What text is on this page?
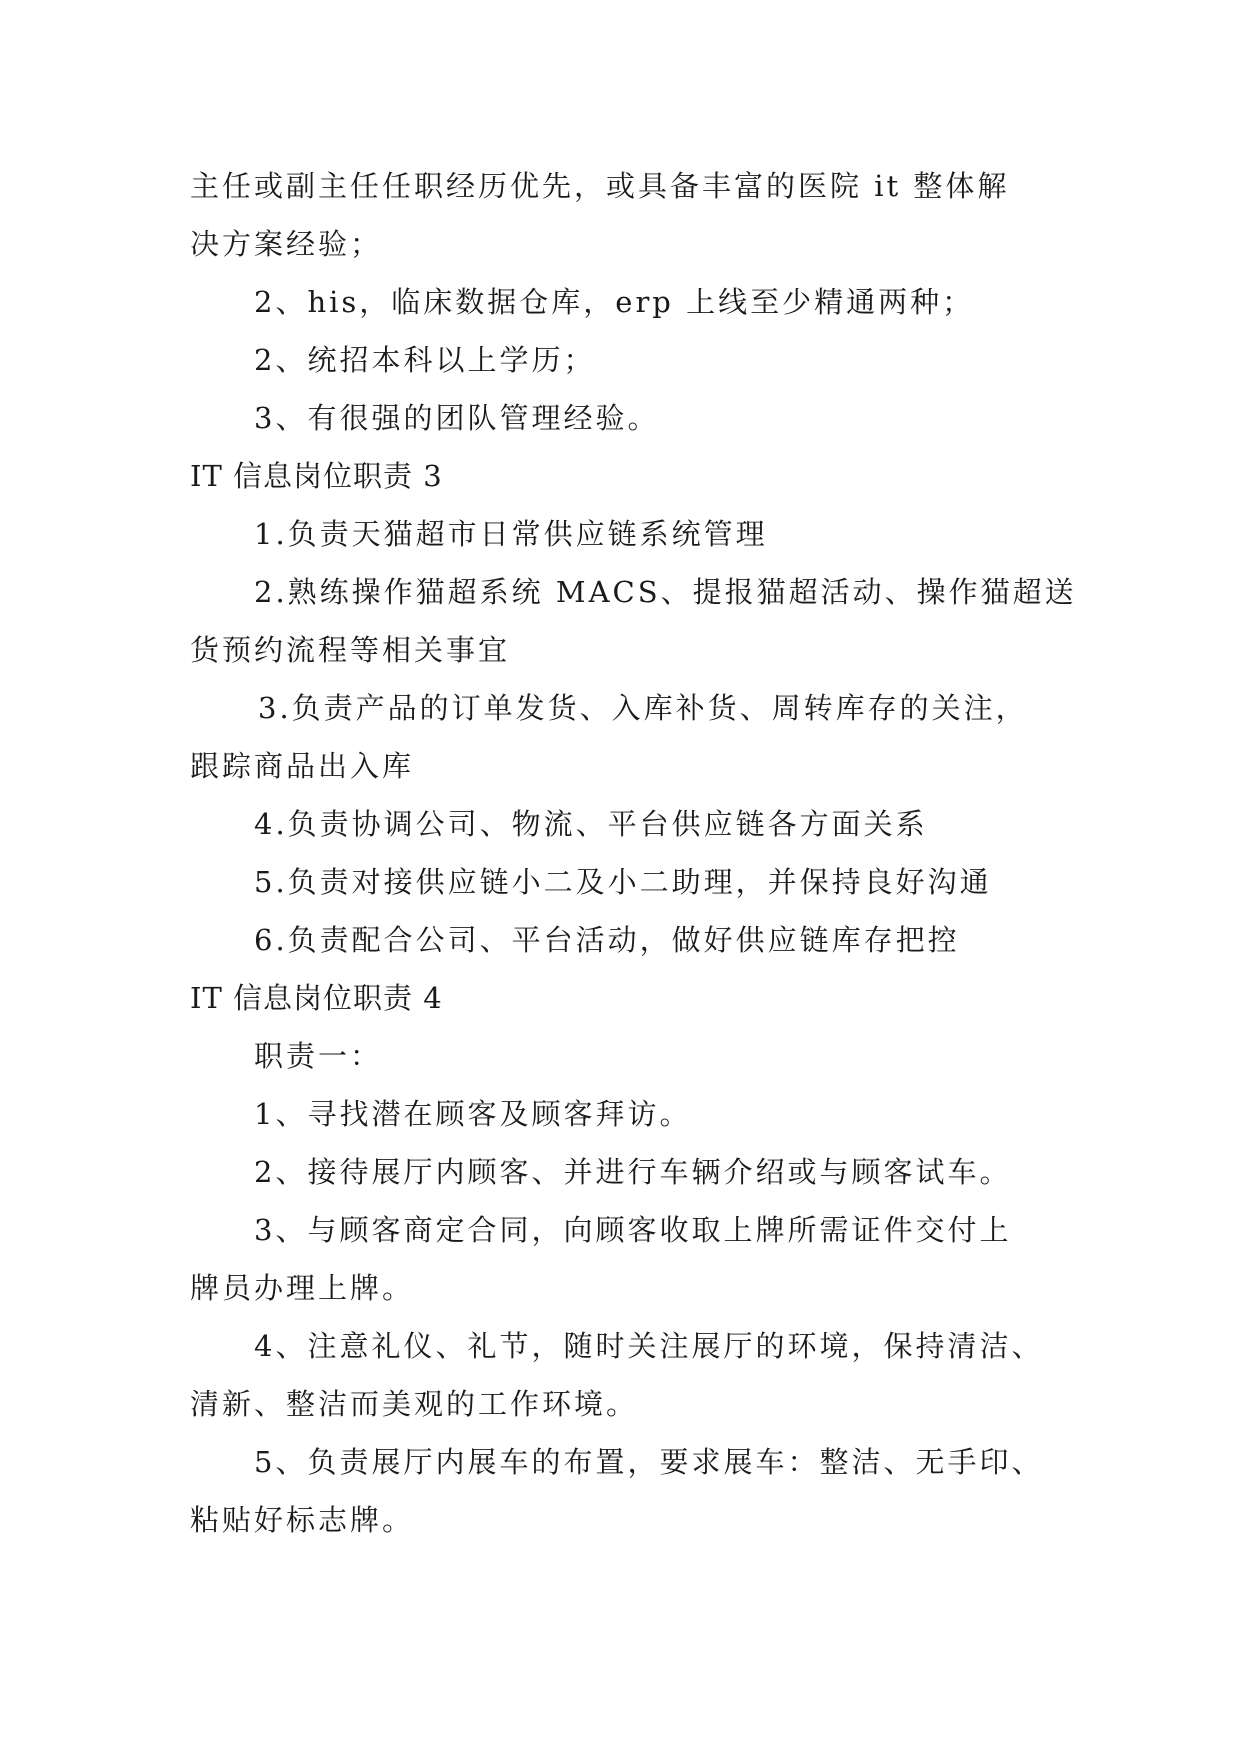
主任或副主任任职经历优先，或具备丰富的医院 it 整体解
决方案经验；
2、his，临床数据仓库，erp 上线至少精通两种；
2、统招本科以上学历；
3、有很强的团队管理经验。
IT 信息岗位职责 3
1.负责天猫超市日常供应链系统管理
2.熟练操作猫超系统 MACS、提报猫超活动、操作猫超送
货预约流程等相关事宜
3.负责产品的订单发货、入库补货、周转库存的关注，
跟踪商品出入库
4.负责协调公司、物流、平台供应链各方面关系
5.负责对接供应链小二及小二助理，并保持良好沟通
6.负责配合公司、平台活动，做好供应链库存把控
IT 信息岗位职责 4
职责一：
1、寻找潜在顾客及顾客拜访。
2、接待展厅内顾客、并进行车辆介绍或与顾客试车。
3、与顾客商定合同，向顾客收取上牌所需证件交付上
牌员办理上牌。
4、注意礼仪、礼节，随时关注展厅的环境，保持清洁、
清新、整洁而美观的工作环境。
5、负责展厅内展车的布置，要求展车：整洁、无手印、
粘贴好标志牌。
